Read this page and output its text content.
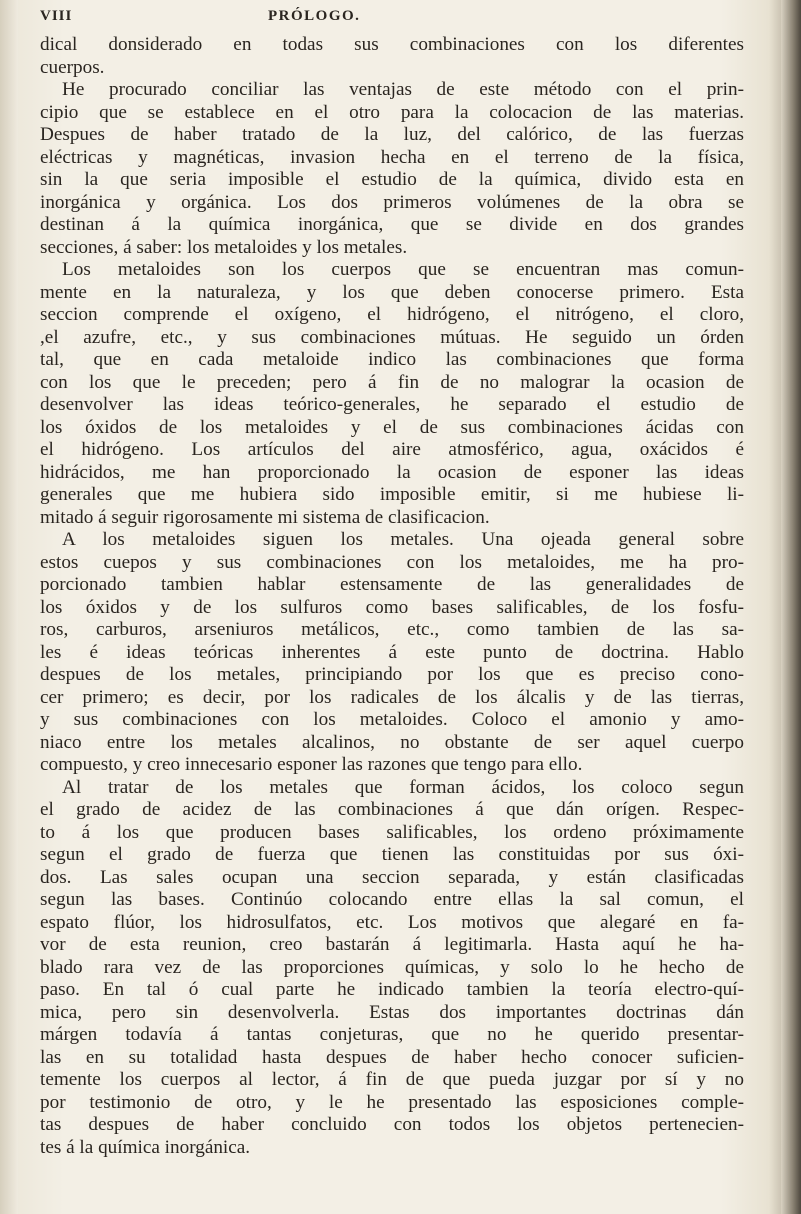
VIII	PRÓLOGO.
dical donsiderado en todas sus combinaciones con los diferentes
cuerpos.
He procurado conciliar las ventajas de este método con el prin-
cipio que se establece en el otro para la colocacion de las materias.
Despues de haber tratado de la luz, del calórico, de las fuerzas
eléctricas y magnéticas, invasion hecha en el terreno de la física,
sin la que seria imposible el estudio de la química, divido esta en
inorgánica y orgánica. Los dos primeros volúmenes de la obra se
destinan á la química inorgánica, que se divide en dos grandes
secciones, á saber: los metaloides y los metales.
Los metaloides son los cuerpos que se encuentran mas comun-
mente en la naturaleza, y los que deben conocerse primero. Esta
seccion comprende el oxígeno, el hidrógeno, el nitrógeno, el cloro,
,el azufre, etc., y sus combinaciones mútuas. He seguido un órden
tal, que en cada metaloide indico las combinaciones que forma
con los que le preceden; pero á fin de no malograr la ocasion de
desenvolver las ideas teórico-generales, he separado el estudio de
los óxidos de los metaloides y el de sus combinaciones ácidas con
el hidrógeno. Los artículos del aire atmosférico, agua, oxácidos é
hidrácidos, me han proporcionado la ocasion de esponer las ideas
generales que me hubiera sido imposible emitir, si me hubiese li-
mitado á seguir rigorosamente mi sistema de clasificacion.
A los metaloides siguen los metales. Una ojeada general sobre
estos cuepos y sus combinaciones con los metaloides, me ha pro-
porcionado tambien hablar estensamente de las generalidades de
los óxidos y de los sulfuros como bases salificables, de los fosfu-
ros, carburos, arseniuros metálicos, etc., como tambien de las sa-
les é ideas teóricas inherentes á este punto de doctrina. Hablo
despues de los metales, principiando por los que es preciso cono-
cer primero; es decir, por los radicales de los álcalis y de las tierras,
y sus combinaciones con los metaloides. Coloco el amonio y amo-
niaco entre los metales alcalinos, no obstante de ser aquel cuerpo
compuesto, y creo innecesario esponer las razones que tengo para ello.
Al tratar de los metales que forman ácidos, los coloco segun
el grado de acidez de las combinaciones á que dán orígen. Respec-
to á los que producen bases salificables, los ordeno próximamente
segun el grado de fuerza que tienen las constituidas por sus óxi-
dos. Las sales ocupan una seccion separada, y están clasificadas
segun las bases. Continúo colocando entre ellas la sal comun, el
espato flúor, los hidrosulfatos, etc. Los motivos que alegaré en fa-
vor de esta reunion, creo bastarán á legitimarla. Hasta aquí he ha-
blado rara vez de las proporciones químicas, y solo lo he hecho de
paso. En tal ó cual parte he indicado tambien la teoría electro-quí-
mica, pero sin desenvolverla. Estas dos importantes doctrinas dán
márgen todavía á tantas conjeturas, que no he querido presentar-
las en su totalidad hasta despues de haber hecho conocer suficien-
temente los cuerpos al lector, á fin de que pueda juzgar por sí y no
por testimonio de otro, y le he presentado las esposiciones comple-
tas despues de haber concluido con todos los objetos pertenecien-
tes á la química inorgánica.
